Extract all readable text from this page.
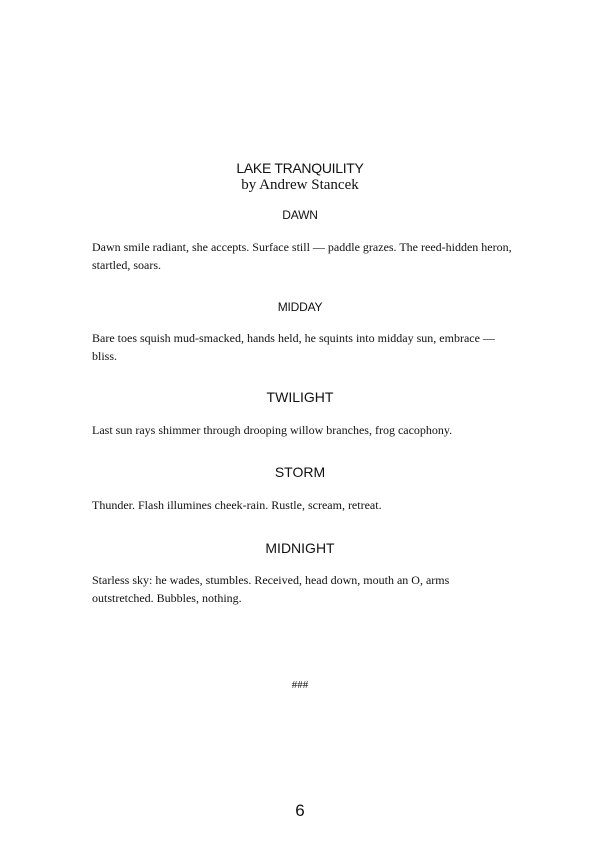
LAKE TRANQUILITY
by Andrew Stancek
DAWN
Dawn smile radiant, she accepts. Surface still — paddle grazes. The reed-hidden heron, startled, soars.
MIDDAY
Bare toes squish mud-smacked, hands held, he squints into midday sun, embrace — bliss.
TWILIGHT
Last sun rays shimmer through drooping willow branches, frog cacophony.
STORM
Thunder. Flash illumines cheek-rain. Rustle, scream, retreat.
MIDNIGHT
Starless sky: he wades, stumbles. Received, head down, mouth an O, arms outstretched. Bubbles, nothing.
###
6
